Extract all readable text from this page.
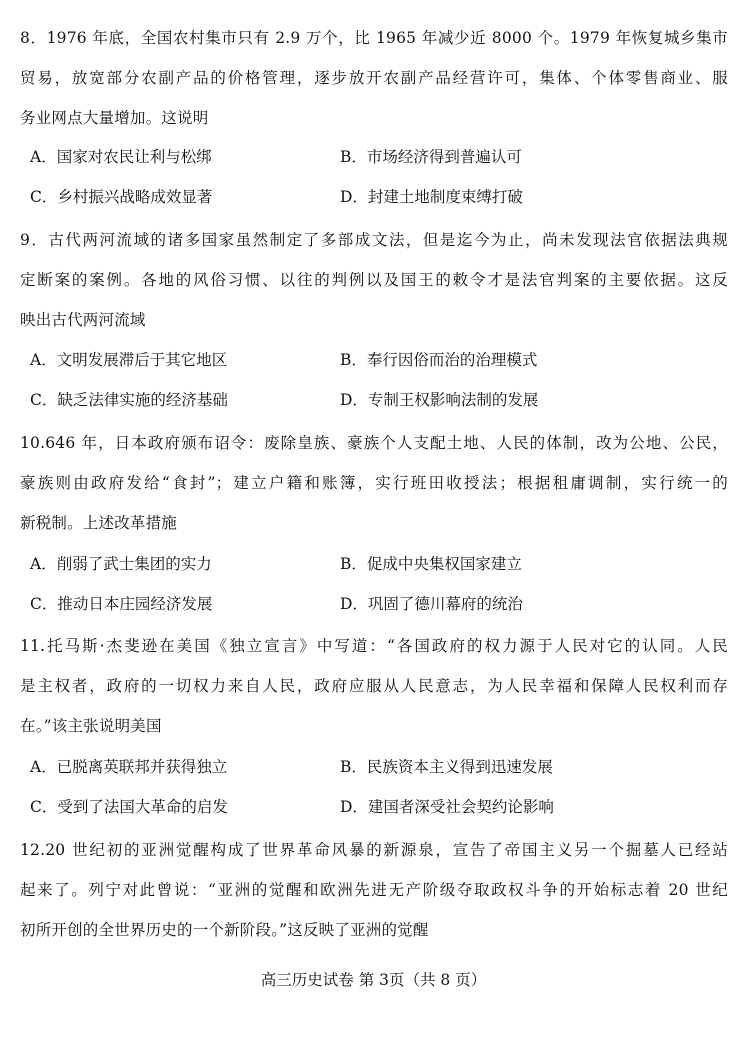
8．1976 年底，全国农村集市只有 2.9 万个，比 1965 年减少近 8000 个。1979 年恢复城乡集市
贸易，放宽部分农副产品的价格管理，逐步放开农副产品经营许可，集体、个体零售商业、服
务业网点大量增加。这说明
A．国家对农民让利与松绑	B．市场经济得到普遍认可
C．乡村振兴战略成效显著	D．封建土地制度束缚打破
9．古代两河流域的诸多国家虽然制定了多部成文法，但是迄今为止，尚未发现法官依据法典规
定断案的案例。各地的风俗习惯、以往的判例以及国王的敕令才是法官判案的主要依据。这反
映出古代两河流域
A．文明发展滞后于其它地区	B．奉行因俗而治的治理模式
C．缺乏法律实施的经济基础	D．专制王权影响法制的发展
10.646 年，日本政府颁布诏令：废除皇族、豪族个人支配土地、人民的体制，改为公地、公民，
豪族则由政府发给“食封”；建立户籍和账簿，实行班田收授法；根据租庸调制，实行统一的
新税制。上述改革措施
A．削弱了武士集团的实力	B．促成中央集权国家建立
C．推动日本庄园经济发展	D．巩固了德川幕府的统治
11.托马斯·杰斐逊在美国《独立宣言》中写道：“各国政府的权力源于人民对它的认同。人民
是主权者，政府的一切权力来自人民，政府应服从人民意志，为人民幸福和保障人民权利而存
在。”该主张说明美国
A．已脱离英联邦并获得独立	B．民族资本主义得到迅速发展
C．受到了法国大革命的启发	D．建国者深受社会契约论影响
12.20 世纪初的亚洲觉醒构成了世界革命风暴的新源泉，宣告了帝国主义另一个掘墓人已经站
起来了。列宁对此曾说：“亚洲的觉醒和欧洲先进无产阶级夺取政权斗争的开始标志着 20 世纪
初所开创的全世界历史的一个新阶段。”这反映了亚洲的觉醒
高三历史试卷 第 3页（共 8 页）
